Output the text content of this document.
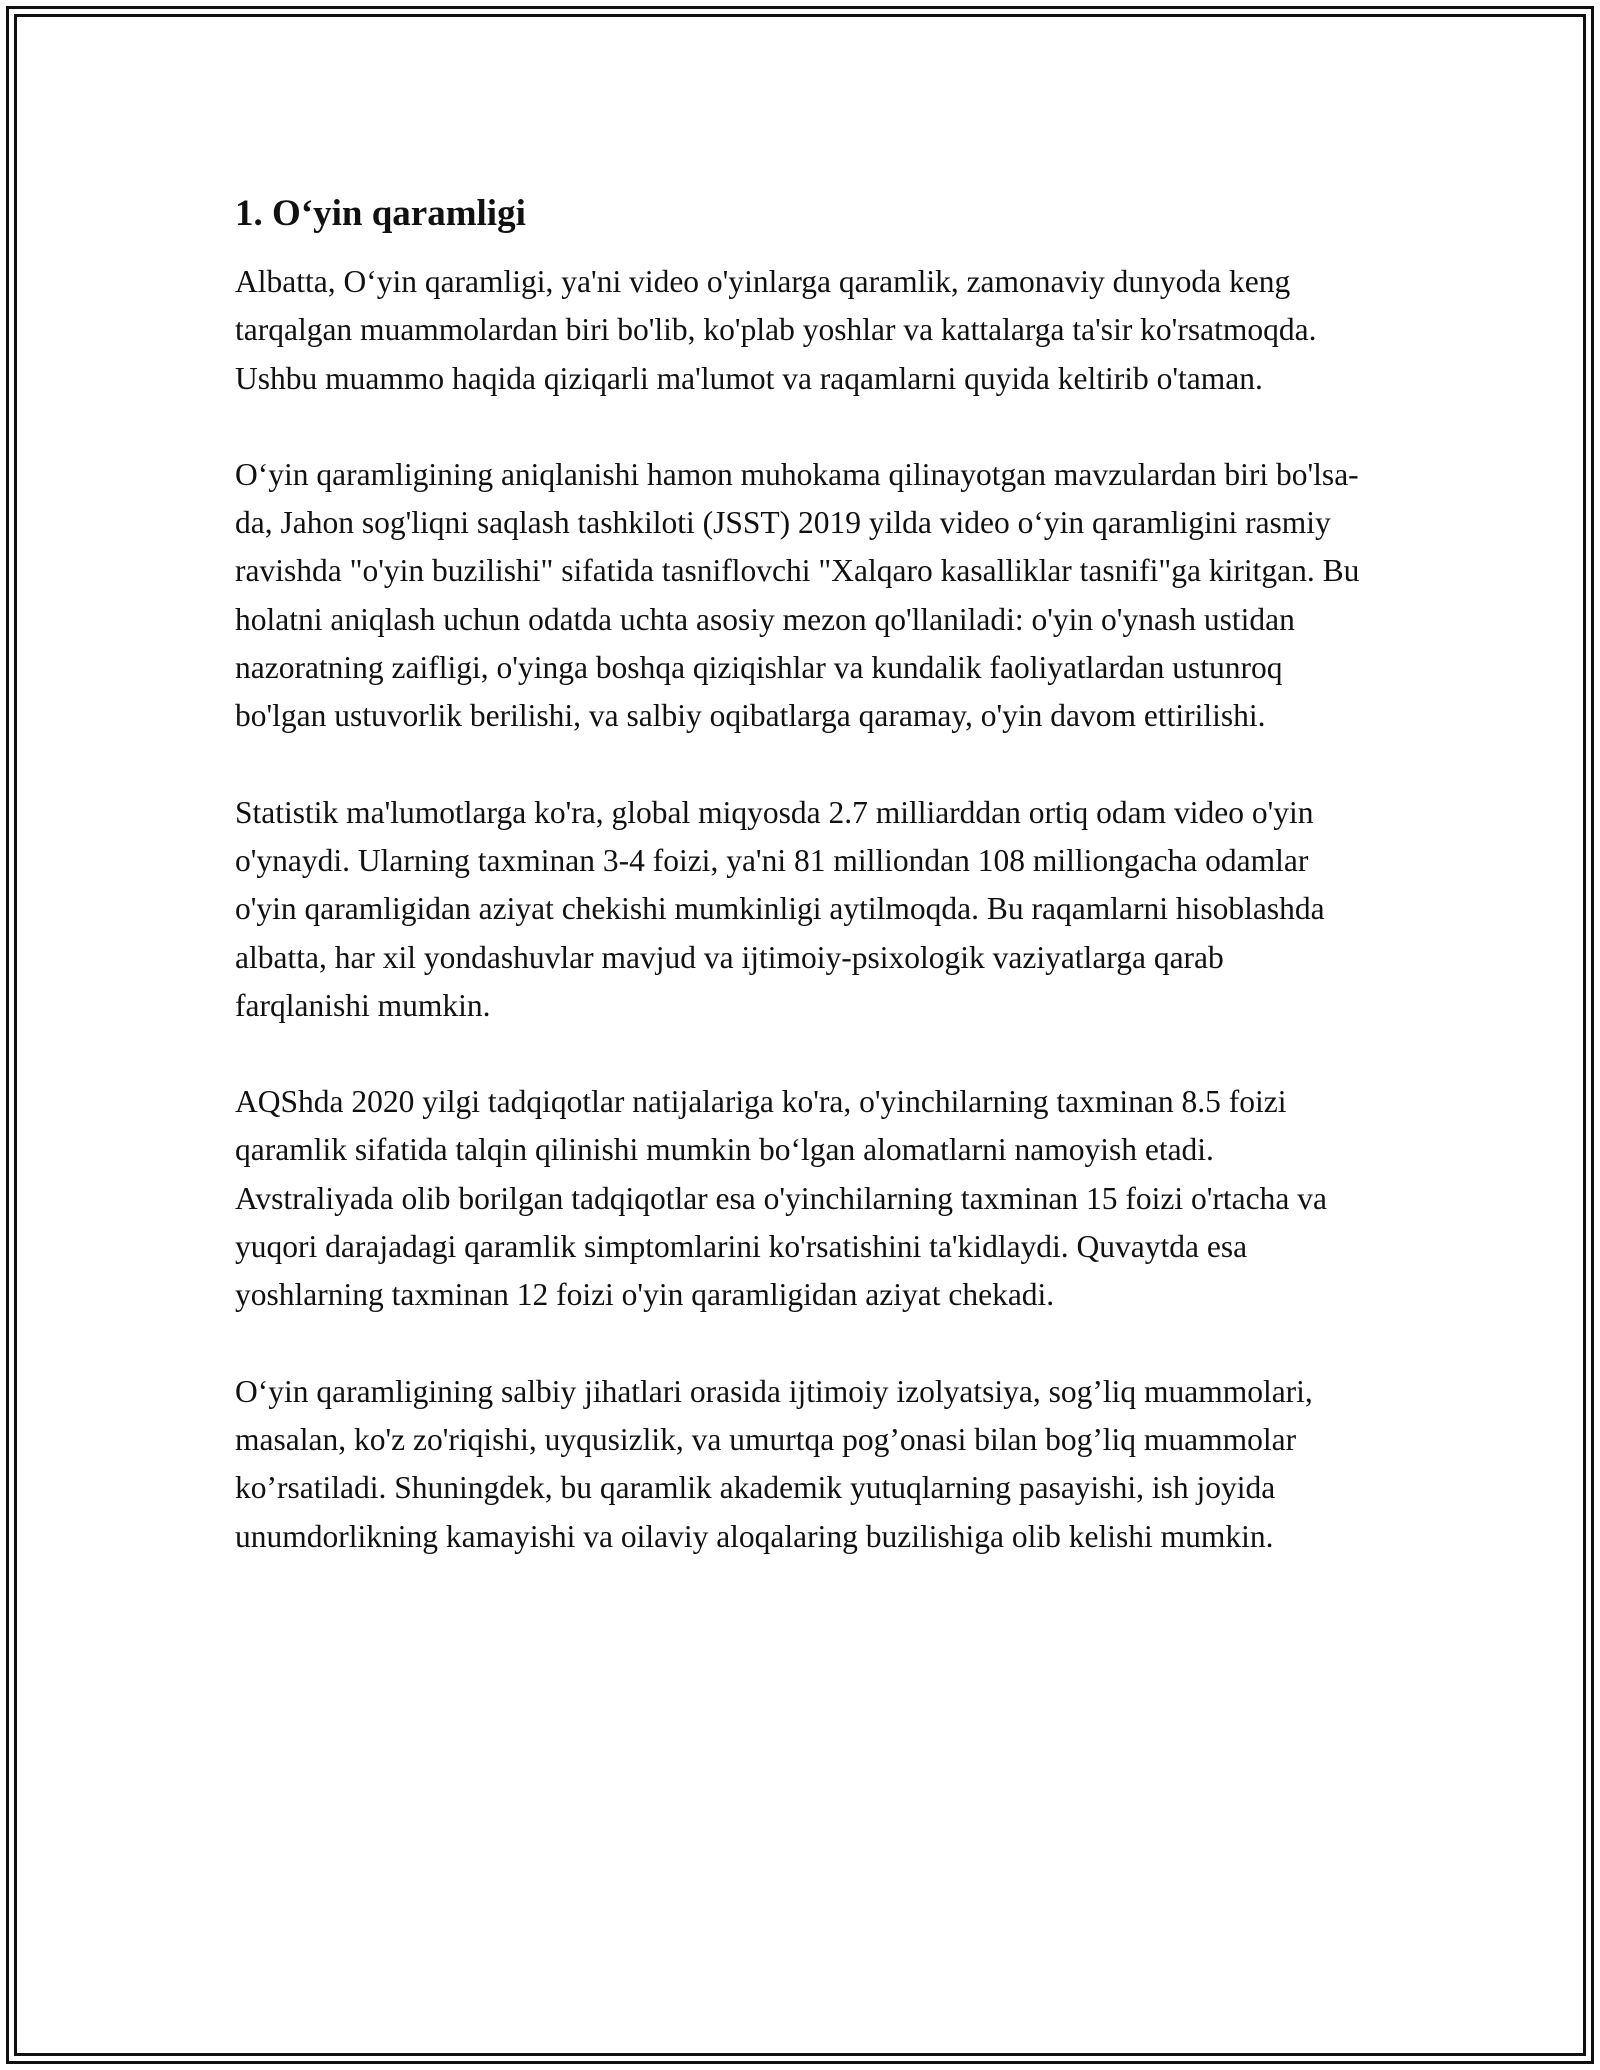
1. O‘yin qaramligi

Albatta, O‘yin qaramligi, ya'ni video o'yinlarga qaramlik, zamonaviy dunyoda keng tarqalgan muammolardan biri bo'lib, ko'plab yoshlar va kattalarga ta'sir ko'rsatmoqda. Ushbu muammo haqida qiziqarli ma'lumot va raqamlarni quyida keltirib o'taman.

O‘yin qaramligining aniqlanishi hamon muhokama qilinayotgan mavzulardan biri bo'lsa-da, Jahon sog'liqni saqlash tashkiloti (JSST) 2019 yilda video o‘yin qaramligini rasmiy ravishda "o'yin buzilishi" sifatida tasniflovchi "Xalqaro kasalliklar tasnifi"ga kiritgan. Bu holatni aniqlash uchun odatda uchta asosiy mezon qo'llaniladi: o'yin o'ynash ustidan nazoratning zaifligi, o'yinga boshqa qiziqishlar va kundalik faoliyatlardan ustunroq bo'lgan ustuvorlik berilishi, va salbiy oqibatlarga qaramay, o'yin davom ettirilishi.

Statistik ma'lumotlarga ko'ra, global miqyosda 2.7 milliarddan ortiq odam video o'yin o'ynaydi. Ularning taxminan 3-4 foizi, ya'ni 81 milliondan 108 milliongacha odamlar o'yin qaramligidan aziyat chekishi mumkinligi aytilmoqda. Bu raqamlarni hisoblashda albatta, har xil yondashuvlar mavjud va ijtimoiy-psixologik vaziyatlarga qarab farqlanishi mumkin.

AQShda 2020 yilgi tadqiqotlar natijalariga ko'ra, o'yinchilarning taxminan 8.5 foizi qaramlik sifatida talqin qilinishi mumkin bo‘lgan alomatlarni namoyish etadi. Avstraliyada olib borilgan tadqiqotlar esa o'yinchilarning taxminan 15 foizi o'rtacha va yuqori darajadagi qaramlik simptomlarini ko'rsatishini ta'kidlaydi. Quvaytda esa yoshlarning taxminan 12 foizi o'yin qaramligidan aziyat chekadi.

O‘yin qaramligining salbiy jihatlari orasida ijtimoiy izolyatsiya, sog’liq muammolari, masalan, ko'z zo'riqishi, uyqusizlik, va umurtqa pog’onasi bilan bog’liq muammolar ko’rsatiladi. Shuningdek, bu qaramlik akademik yutuqlarning pasayishi, ish joyida unumdorlikning kamayishi va oilaviy aloqalaring buzilishiga olib kelishi mumkin.
